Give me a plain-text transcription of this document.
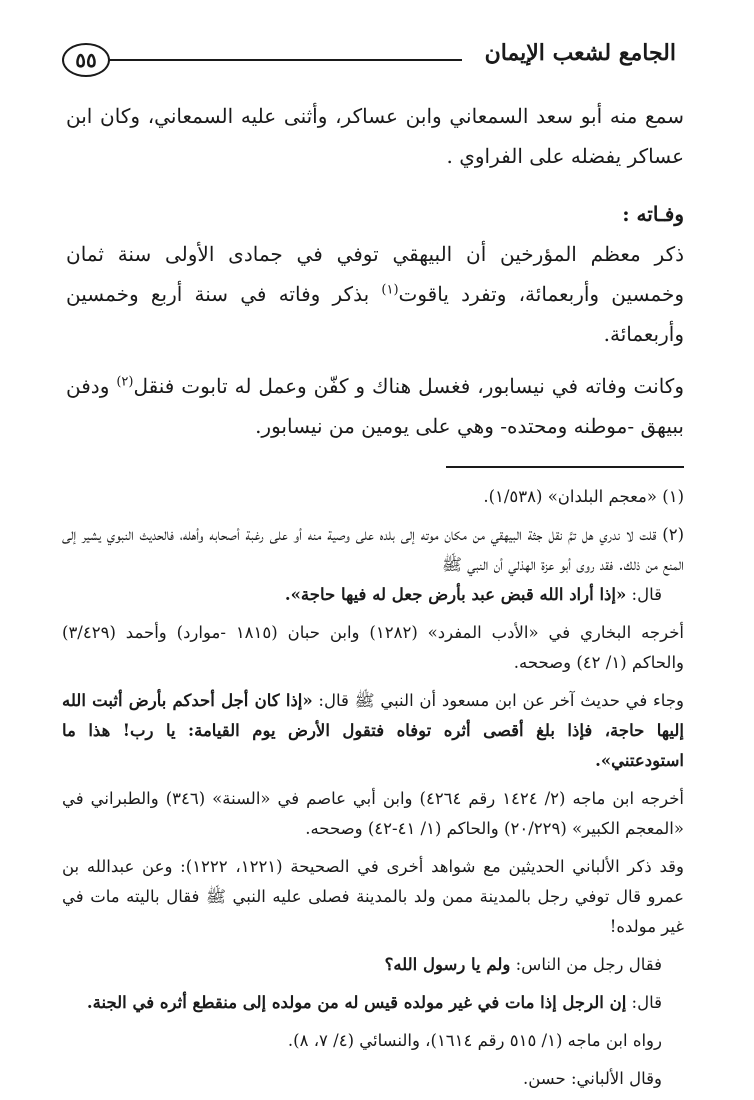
الجامع لشعب الإيمان
٥٥

سمع منه أبو سعد السمعاني وابن عساكر، وأثنى عليه السمعاني، وكان ابن عساكر يفضله على الفراوي .

وفـاته :

ذكر معظم المؤرخين أن البيهقي توفي في جمادى الأولى سنة ثمان وخمسين وأربعمائة، وتفرد ياقوت$^{(١)}$ بذكر وفاته في سنة أربع وخمسين وأربعمائة.

وكانت وفاته في نيسابور، فغسل هناك و كفّن وعمل له تابوت فنقل$^{(٢)}$ ودفن ببيهق -موطنه ومحتده- وهي على يومين من نيسابور.

(١) «معجم البلدان» (١/٥٣٨).

(٢) قلت لا ندري هل تمَّ نقل جثة البيهقي من مكان موته إلى بلده على وصية منه أو على رغبة أصحابه وأهله، فالحديث النبوي يشير إلى المنع من ذلك. فقد روى أبو عزة الهذلي أن النبي ﷺ

قال: «إذا أراد الله قبض عبد بأرض جعل له فيها حاجة».

أخرجه البخاري في «الأدب المفرد» (١٢٨٢) وابن حبان (١٨١٥ -موارد) وأحمد (٣/٤٢٩) والحاكم (١/ ٤٢) وصححه.

وجاء في حديث آخر عن ابن مسعود أن النبي ﷺ قال: «إذا كان أجل أحدكم بأرض أثبت الله إليها حاجة، فإذا بلغ أقصى أثره توفاه فتقول الأرض يوم القيامة: يا رب! هذا ما استودعتني».

أخرجه ابن ماجه (٢/ ١٤٢٤ رقم ٤٢٦٤) وابن أبي عاصم في «السنة» (٣٤٦) والطبراني في «المعجم الكبير» (٢٠/٢٢٩) والحاكم (١/ ٤١-٤٢) وصححه.

وقد ذكر الألباني الحديثين مع شواهد أخرى في الصحيحة (١٢٢١، ١٢٢٢): وعن عبدالله بن عمرو قال توفي رجل بالمدينة ممن ولد بالمدينة فصلى عليه النبي ﷺ فقال باليته مات في غير مولده!

فقال رجل من الناس: ولم يا رسول الله؟

قال: إن الرجل إذا مات في غير مولده قيس له من مولده إلى منقطع أثره في الجنة.

رواه ابن ماجه (١/ ٥١٥ رقم ١٦١٤)، والنسائي (٤/ ٧، ٨).

وقال الألباني: حسن.
